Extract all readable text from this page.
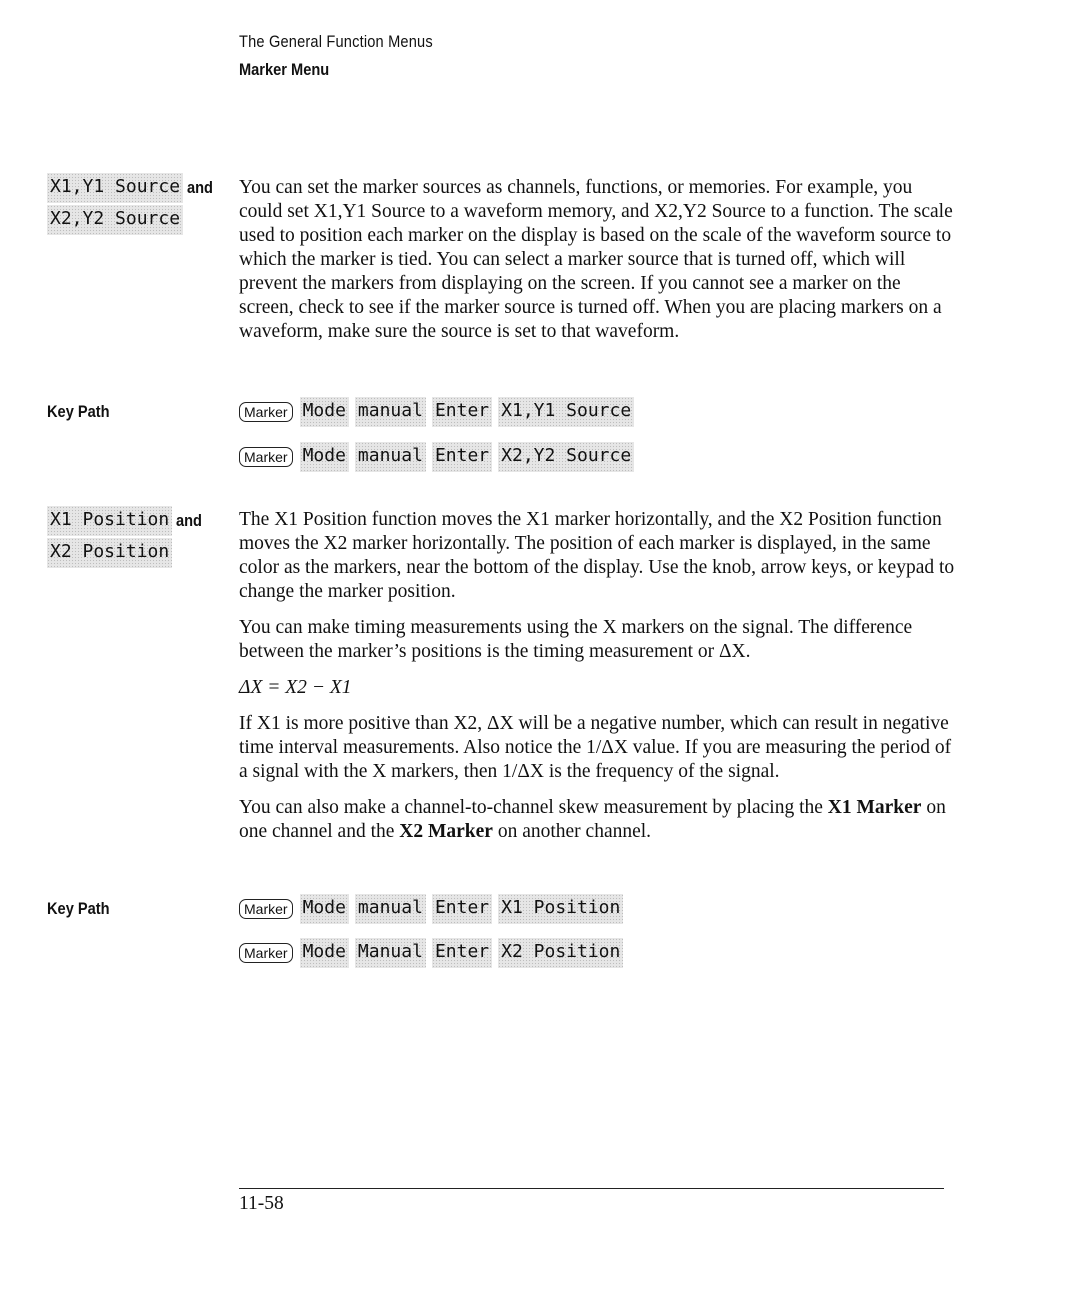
The General Function Menus
Marker Menu
X1,Y1 Source and
X2,Y2 Source

You can set the marker sources as channels, functions, or memories. For example, you could set X1,Y1 Source to a waveform memory, and X2,Y2 Source to a function. The scale used to position each marker on the display is based on the scale of the waveform source to which the marker is tied. You can select a marker source that is turned off, which will prevent the markers from displaying on the screen. If you cannot see a marker on the screen, check to see if the marker source is turned off. When you are placing markers on a waveform, make sure the source is set to that waveform.

Key Path	Marker Mode manual Enter X1,Y1 Source
Marker Mode manual Enter X2,Y2 Source
X1 Position and
X2 Position

The X1 Position function moves the X1 marker horizontally, and the X2 Position function moves the X2 marker horizontally. The position of each marker is displayed, in the same color as the markers, near the bottom of the display. Use the knob, arrow keys, or keypad to change the marker position.

You can make timing measurements using the X markers on the signal. The difference between the marker’s positions is the timing measurement or ΔX.

ΔX = X2 − X1

If X1 is more positive than X2, ΔX will be a negative number, which can result in negative time interval measurements. Also notice the 1/ΔX value. If you are measuring the period of a signal with the X markers, then 1/ΔX is the frequency of the signal.

You can also make a channel-to-channel skew measurement by placing the X1 Marker on one channel and the X2 Marker on another channel.

Key Path	Marker Mode manual Enter X1 Position
Marker Mode Manual Enter X2 Position
11-58
